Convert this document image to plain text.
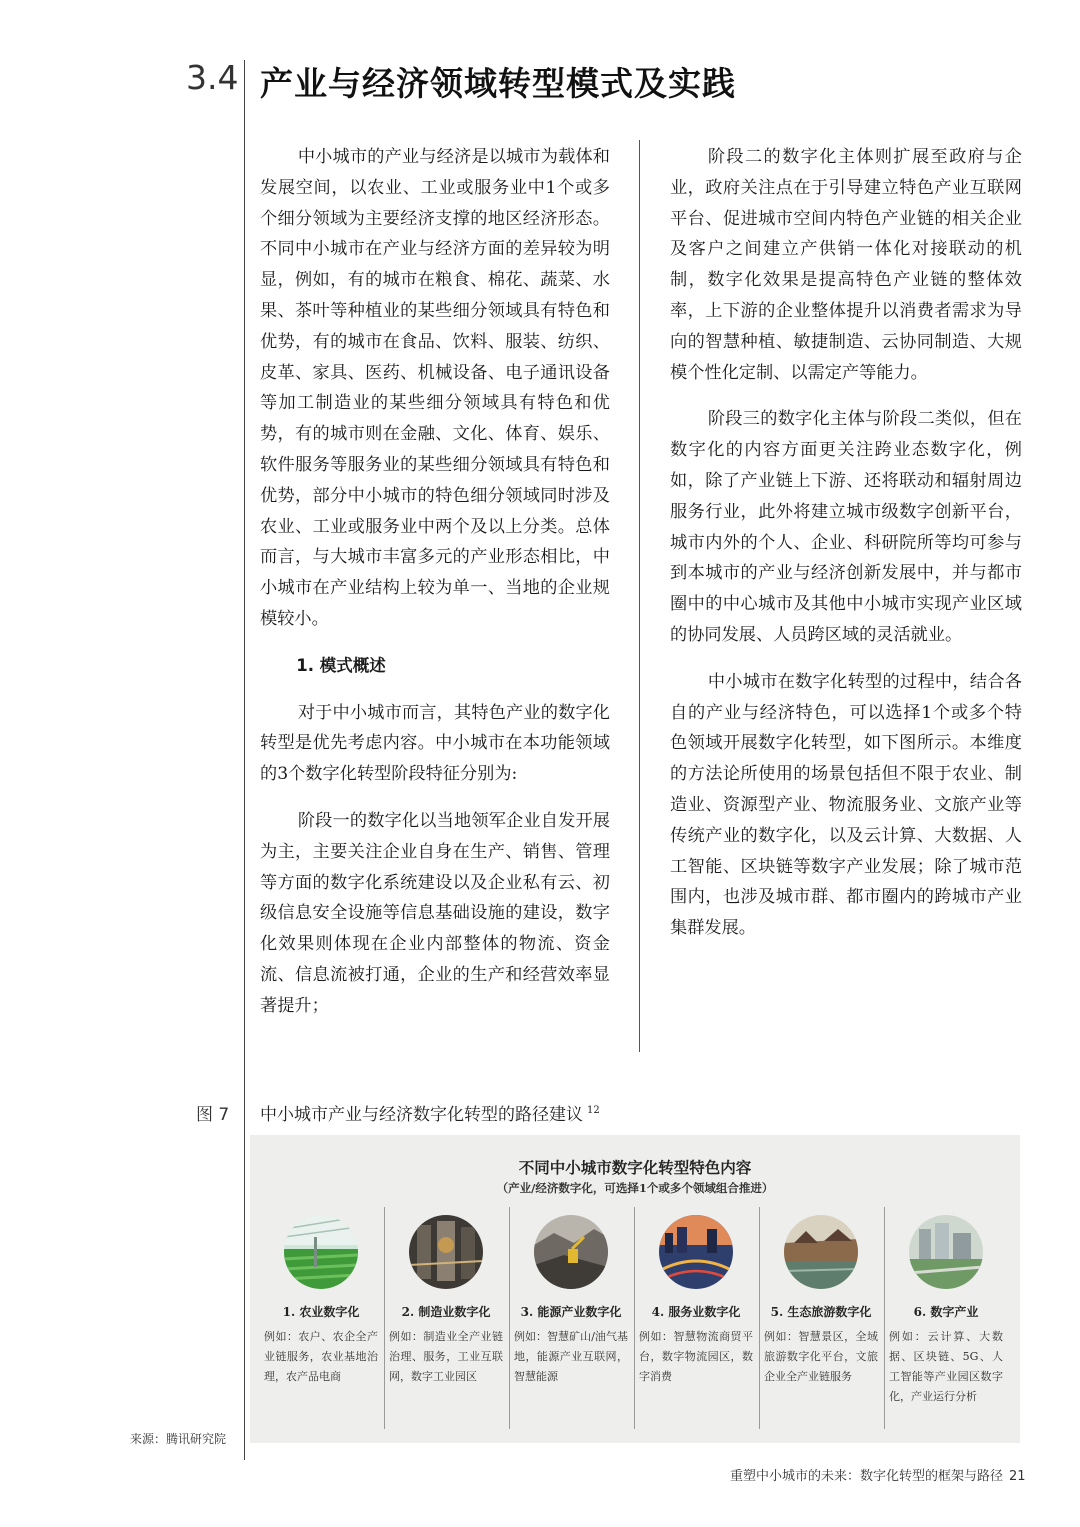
3.4 产业与经济领域转型模式及实践

中小城市的产业与经济是以城市为载体和发展空间，以农业、工业或服务业中1个或多个细分领域为主要经济支撑的地区经济形态。不同中小城市在产业与经济方面的差异较为明显，例如，有的城市在粮食、棉花、蔬菜、水果、茶叶等种植业的某些细分领域具有特色和优势，有的城市在食品、饮料、服装、纺织、皮革、家具、医药、机械设备、电子通讯设备等加工制造业的某些细分领域具有特色和优势，有的城市则在金融、文化、体育、娱乐、软件服务等服务业的某些细分领域具有特色和优势，部分中小城市的特色细分领域同时涉及农业、工业或服务业中两个及以上分类。总体而言，与大城市丰富多元的产业形态相比，中小城市在产业结构上较为单一、当地的企业规模较小。

1. 模式概述

对于中小城市而言，其特色产业的数字化转型是优先考虑内容。中小城市在本功能领域的3个数字化转型阶段特征分别为:

阶段一的数字化以当地领军企业自发开展为主，主要关注企业自身在生产、销售、管理等方面的数字化系统建设以及企业私有云、初级信息安全设施等信息基础设施的建设，数字化效果则体现在企业内部整体的物流、资金流、信息流被打通，企业的生产和经营效率显著提升；

阶段二的数字化主体则扩展至政府与企业，政府关注点在于引导建立特色产业互联网平台、促进城市空间内特色产业链的相关企业及客户之间建立产供销一体化对接联动的机制，数字化效果是提高特色产业链的整体效率，上下游的企业整体提升以消费者需求为导向的智慧种植、敏捷制造、云协同制造、大规模个性化定制、以需定产等能力。

阶段三的数字化主体与阶段二类似，但在数字化的内容方面更关注跨业态数字化，例如，除了产业链上下游、还将联动和辐射周边服务行业，此外将建立城市级数字创新平台，城市内外的个人、企业、科研院所等均可参与到本城市的产业与经济创新发展中，并与都市圈中的中心城市及其他中小城市实现产业区域的协同发展、人员跨区域的灵活就业。

中小城市在数字化转型的过程中，结合各自的产业与经济特色，可以选择1个或多个特色领域开展数字化转型，如下图所示。本维度的方法论所使用的场景包括但不限于农业、制造业、资源型产业、物流服务业、文旅产业等传统产业的数字化，以及云计算、大数据、人工智能、区块链等数字产业发展；除了城市范围内，也涉及城市群、都市圈内的跨城市产业集群发展。

图 7 中小城市产业与经济数字化转型的路径建议 $^{12}$
不同中小城市数字化转型特色内容
（产业/经济数字化，可选择1个或多个领域组合推进）
1. 农业数字化
例如：农户、农企全产业链服务，农业基地治理，农产品电商
2. 制造业数字化
例如：制造业全产业链治理、服务，工业互联网，数字工业园区
3. 能源产业数字化
例如：智慧矿山/油气基地，能源产业互联网，智慧能源
4. 服务业数字化
例如：智慧物流商贸平台，数字物流园区，数字消费
5. 生态旅游数字化
例如：智慧景区，全域旅游数字化平台，文旅企业全产业链服务
6. 数字产业
例如：云计算、大数据、区块链、5G、人工智能等产业园区数字化，产业运行分析
来源：腾讯研究院
重塑中小城市的未来：数字化转型的框架与路径 21
